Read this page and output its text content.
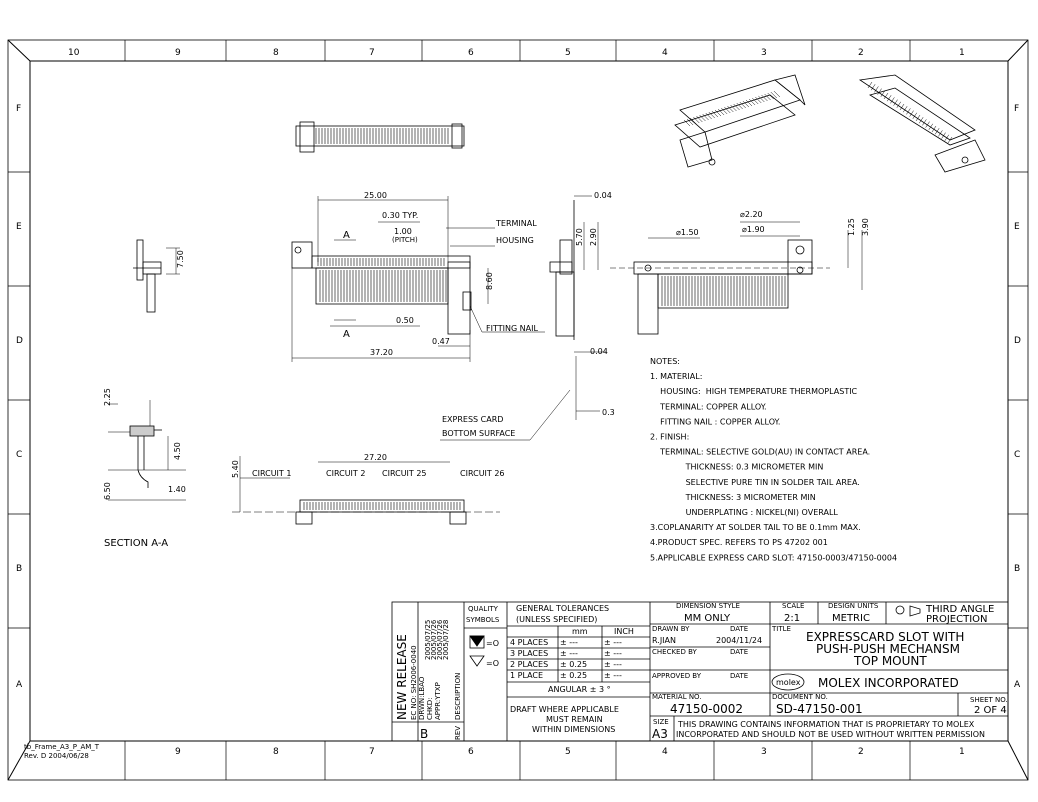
10	9	8	7	6	5	4	3	2	1
9	8	7	6	5	4	3	2	1
F
E
D
C
B
A
F
E
D
C
B
A
tb_Frame_A3_P_AM_T
Rev. D 2004/06/28
25.00
0.30 TYP.
1.00
(PITCH)
TERMINAL
HOUSING
8.60
0.50
FITTING NAIL
0.47
37.20
A
A
7.50
0.04
5.70 2.90
0.04
0.3
EXPRESS CARD
BOTTOM SURFACE
⌀1.50
⌀2.20
⌀1.90	1.25 3.90
2.25
4.50
6.50	1.40
SECTION A-A
27.20
5.40 CIRCUIT 1	CIRCUIT 2 CIRCUIT 25	CIRCUIT 26
NOTES:
1. MATERIAL:
HOUSING:  HIGH TEMPERATURE THERMOPLASTIC
TERMINAL: COPPER ALLOY.
FITTING NAIL : COPPER ALLOY.
2. FINISH:
TERMINAL: SELECTIVE GOLD(AU) IN CONTACT AREA.
THICKNESS: 0.3 MICROMETER MIN
SELECTIVE PURE TIN IN SOLDER TAIL AREA.
THICKNESS: 3 MICROMETER MIN
UNDERPLATING : NICKEL(NI) OVERALL
3.COPLANARITY AT SOLDER TAIL TO BE 0.1mm MAX.
4.PRODUCT SPEC. REFERS TO PS 47202 001
5.APPLICABLE EXPRESS CARD SLOT: 47150-0003/47150-0004
NEW RELEASE EC NO: SH2006-0040
2005/07/25
DRWN:LBAO
2005/07/26
CHKD:
2005/07/26
APPR:YTXP
2005/07/28
DESCRIPTION
REV
B
QUALITY
SYMBOLS
=O
=O
GENERAL TOLERANCES
(UNLESS SPECIFIED)
mm	INCH
4 PLACES ± ---	± ---
3 PLACES ± ---	± ---
2 PLACES ± 0.25 ± ---
1 PLACE ± 0.25 ± ---
ANGULAR ± 3 °
DRAFT WHERE APPLICABLE
MUST REMAIN
WITHIN DIMENSIONS
DIMENSION STYLE
MM ONLY
SCALE
2:1
DESIGN UNITS
METRIC
THIRD ANGLE
PROJECTION
DRAWN BY	DATE
R.JIAN	2004/11/24
CHECKED BY	DATE
APPROVED BY	DATE
TITLE
EXPRESSCARD SLOT WITH
PUSH-PUSH MECHANSM
TOP MOUNT
molex MOLEX INCORPORATED
MATERIAL NO.
47150-0002
DOCUMENT NO.
SD-47150-001
SHEET NO.
2 OF 4
SIZE
A3
THIS DRAWING CONTAINS INFORMATION THAT IS PROPRIETARY TO MOLEX
INCORPORATED AND SHOULD NOT BE USED WITHOUT WRITTEN PERMISSION
